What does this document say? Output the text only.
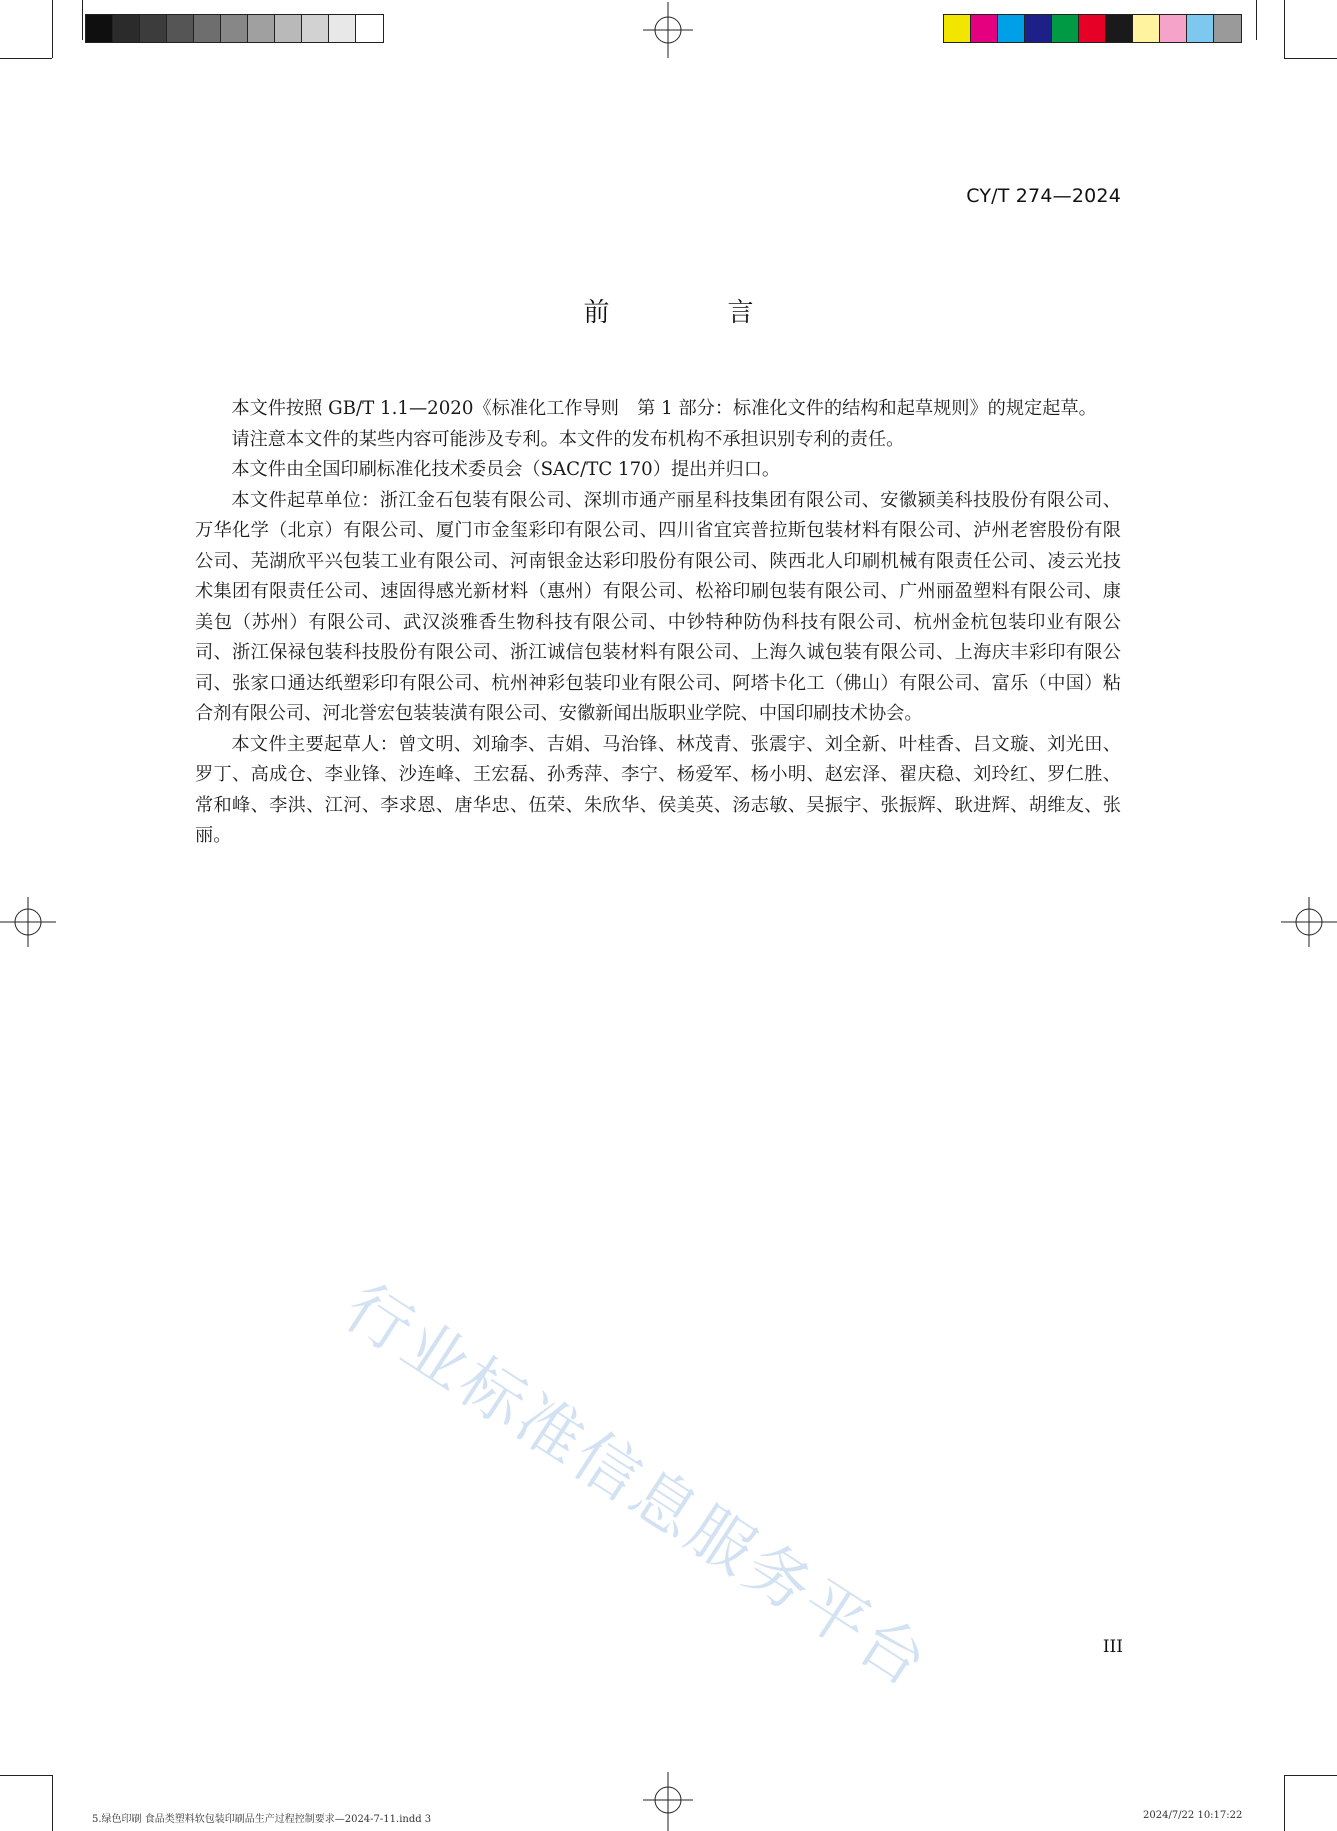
CY/T 274—2024
前　言

本文件按照 GB/T 1.1—2020《标准化工作导则　第 1 部分：标准化文件的结构和起草规则》的规定起草。

请注意本文件的某些内容可能涉及专利。本文件的发布机构不承担识别专利的责任。

本文件由全国印刷标准化技术委员会（SAC/TC 170）提出并归口。

本文件起草单位：浙江金石包装有限公司、深圳市通产丽星科技集团有限公司、安徽颍美科技股份有限公司、万华化学（北京）有限公司、厦门市金玺彩印有限公司、四川省宜宾普拉斯包装材料有限公司、泸州老窖股份有限公司、芜湖欣平兴包装工业有限公司、河南银金达彩印股份有限公司、陕西北人印刷机械有限责任公司、凌云光技术集团有限责任公司、速固得感光新材料（惠州）有限公司、松裕印刷包装有限公司、广州丽盈塑料有限公司、康美包（苏州）有限公司、武汉淡雅香生物科技有限公司、中钞特种防伪科技有限公司、杭州金杭包装印业有限公司、浙江保禄包装科技股份有限公司、浙江诚信包装材料有限公司、上海久诚包装有限公司、上海庆丰彩印有限公司、张家口通达纸塑彩印有限公司、杭州神彩包装印业有限公司、阿塔卡化工（佛山）有限公司、富乐（中国）粘合剂有限公司、河北誉宏包装装潢有限公司、安徽新闻出版职业学院、中国印刷技术协会。

本文件主要起草人：曾文明、刘瑜李、吉娟、马治锋、林茂青、张震宇、刘全新、叶桂香、吕文璇、刘光田、罗丁、高成仓、李业锋、沙连峰、王宏磊、孙秀萍、李宁、杨爱军、杨小明、赵宏泽、翟庆稳、刘玲红、罗仁胜、常和峰、李洪、江河、李求恩、唐华忠、伍荣、朱欣华、侯美英、汤志敏、吴振宇、张振辉、耿进辉、胡维友、张丽。

行业标准信息服务平台	III
5.绿色印刷 食品类塑料软包装印刷品生产过程控制要求—2024-7-11.indd 3	2024/7/22 10:17:22
